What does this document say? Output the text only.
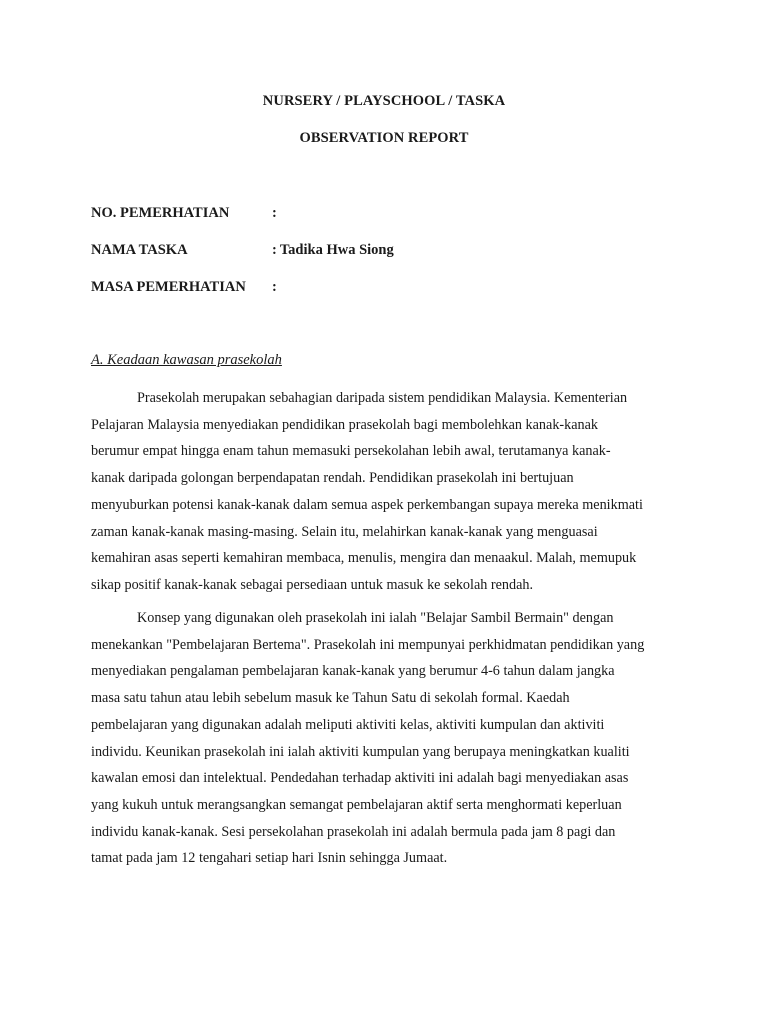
NURSERY / PLAYSCHOOL / TASKA
OBSERVATION REPORT
NO. PEMERHATIAN	:
NAMA TASKA	: Tadika Hwa Siong
MASA PEMERHATIAN :
A. Keadaan kawasan prasekolah
Prasekolah merupakan sebahagian daripada sistem pendidikan Malaysia. Kementerian
Pelajaran Malaysia menyediakan pendidikan prasekolah bagi membolehkan kanak-kanak
berumur empat hingga enam tahun memasuki persekolahan lebih awal, terutamanya kanak-
kanak daripada golongan berpendapatan rendah. Pendidikan prasekolah ini bertujuan
menyuburkan potensi kanak-kanak dalam semua aspek perkembangan supaya mereka menikmati
zaman kanak-kanak masing-masing. Selain itu, melahirkan kanak-kanak yang menguasai
kemahiran asas seperti kemahiran membaca, menulis, mengira dan menaakul. Malah, memupuk
sikap positif kanak-kanak sebagai persediaan untuk masuk ke sekolah rendah.
Konsep yang digunakan oleh prasekolah ini ialah "Belajar Sambil Bermain" dengan
menekankan "Pembelajaran Bertema". Prasekolah ini mempunyai perkhidmatan pendidikan yang
menyediakan pengalaman pembelajaran kanak-kanak yang berumur 4-6 tahun dalam jangka
masa satu tahun atau lebih sebelum masuk ke Tahun Satu di sekolah formal. Kaedah
pembelajaran yang digunakan adalah meliputi aktiviti kelas, aktiviti kumpulan dan aktiviti
individu. Keunikan prasekolah ini ialah aktiviti kumpulan yang berupaya meningkatkan kualiti
kawalan emosi dan intelektual. Pendedahan terhadap aktiviti ini adalah bagi menyediakan asas
yang kukuh untuk merangsangkan semangat pembelajaran aktif serta menghormati keperluan
individu kanak-kanak. Sesi persekolahan prasekolah ini adalah bermula pada jam 8 pagi dan
tamat pada jam 12 tengahari setiap hari Isnin sehingga Jumaat.
